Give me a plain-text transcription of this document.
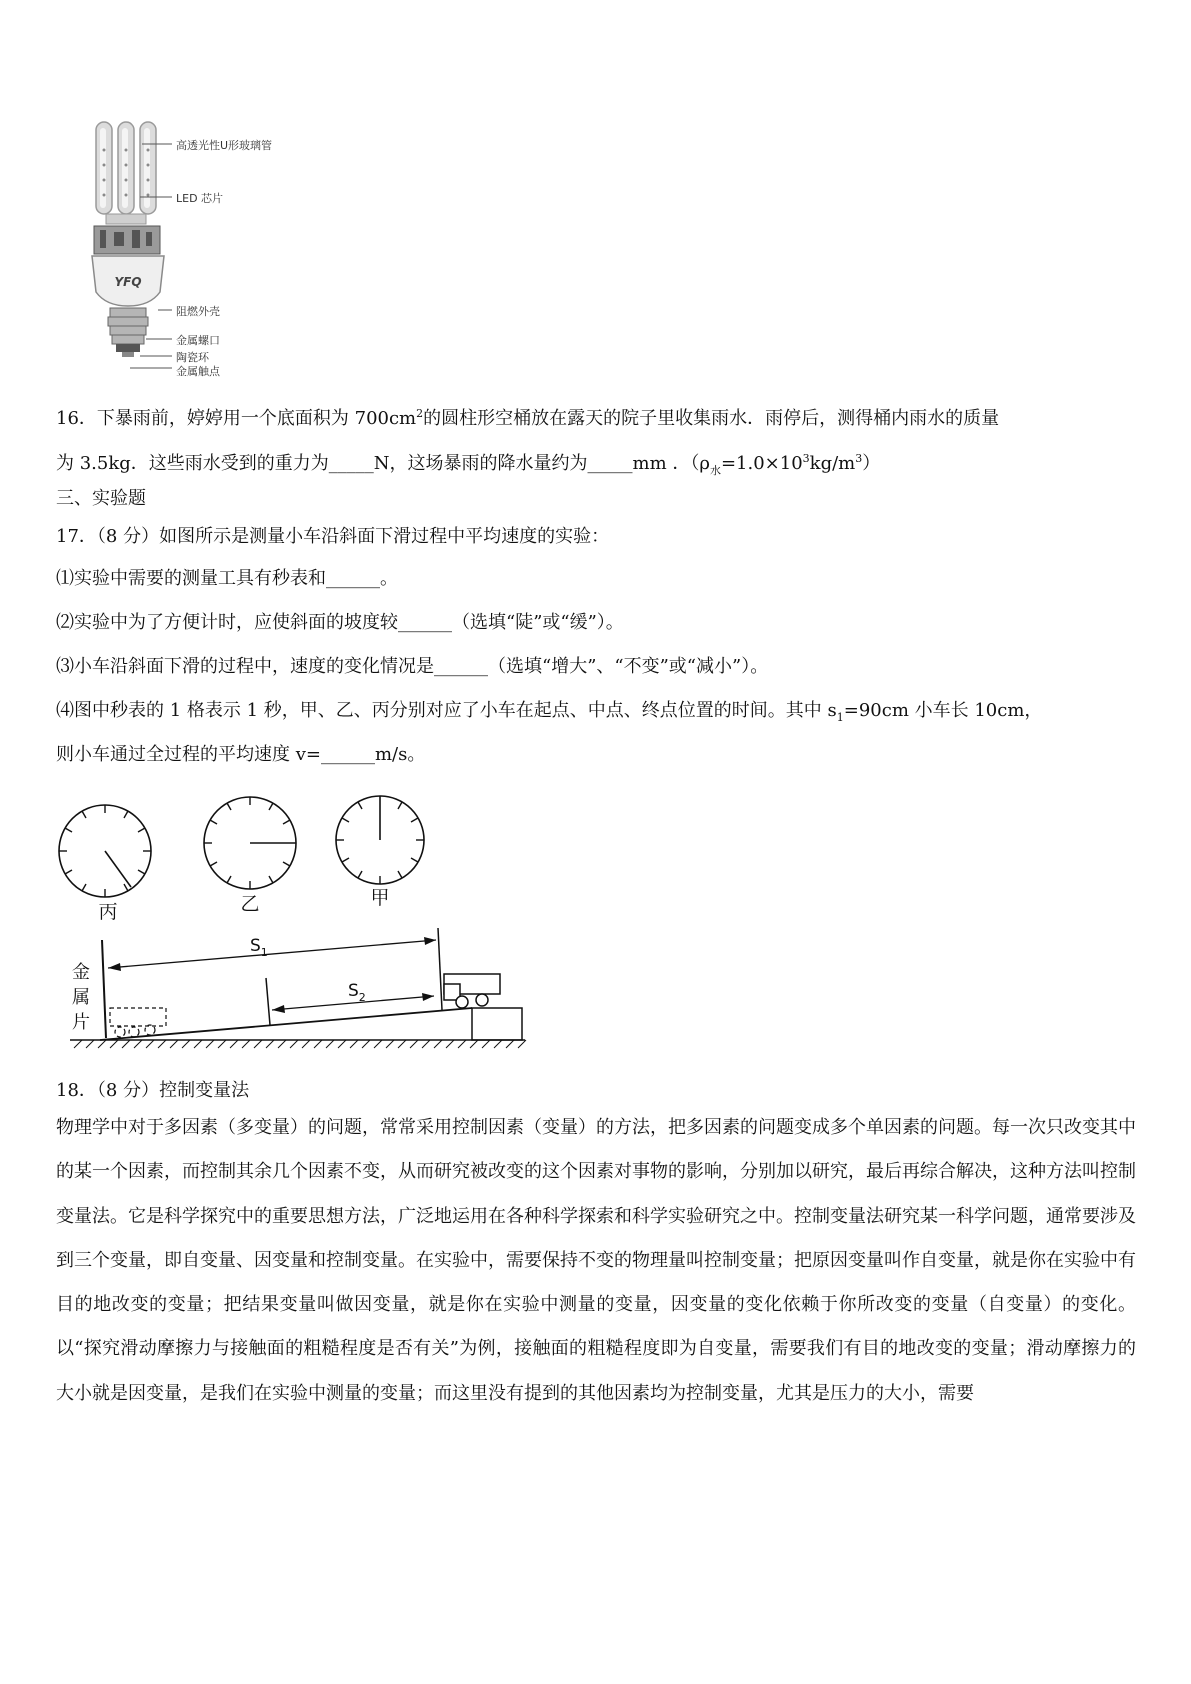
YFQ
高透光性U形玻璃管
LED 芯片
阻燃外壳
金属螺口
陶瓷环
金属触点
16．下暴雨前，婷婷用一个底面积为 $700cm^2$的圆柱形空桶放在露天的院子里收集雨水．雨停后，测得桶内雨水的质量
为 3.5kg．这些雨水受到的重力为_____N，这场暴雨的降水量约为_____mm ．$(\rho_水=1.0\times 10^3kg/m^3)$
三、实验题
17．（8 分）如图所示是测量小车沿斜面下滑过程中平均速度的实验：
⑴实验中需要的测量工具有秒表和______。
⑵实验中为了方便计时，应使斜面的坡度较______（选填“陡”或“缓”）。
⑶小车沿斜面下滑的过程中，速度的变化情况是______（选填“增大”、“不变”或“减小”）。
⑷图中秒表的 1 格表示 1 秒，甲、乙、丙分别对应了小车在起点、中点、终点位置的时间。其中 $s_1=90cm$ 小车长 10cm，
则小车通过全过程的平均速度 v=______m/s。
丙	乙	甲
$S_1$
$S_2$
金
属
片
18．（8 分）控制变量法
物理学中对于多因素（多变量）的问题，常常采用控制因素（变量）的方法，把多因素的问题变成多个单因素的问题。每一次只改变其中的某一个因素，而控制其余几个因素不变，从而研究被改变的这个因素对事物的影响，分别加以研究，最后再综合解决，这种方法叫控制变量法。它是科学探究中的重要思想方法，广泛地运用在各种科学探索和科学实验研究之中。控制变量法研究某一科学问题，通常要涉及到三个变量，即自变量、因变量和控制变量。在实验中，需要保持不变的物理量叫控制变量；把原因变量叫作自变量，就是你在实验中有目的地改变的变量；把结果变量叫做因变量，就是你在实验中测量的变量，因变量的变化依赖于你所改变的变量（自变量）的变化。以“探究滑动摩擦力与接触面的粗糙程度是否有关”为例，接触面的粗糙程度即为自变量，需要我们有目的地改变的变量；滑动摩擦力的大小就是因变量，是我们在实验中测量的变量；而这里没有提到的其他因素均为控制变量，尤其是压力的大小，需要
